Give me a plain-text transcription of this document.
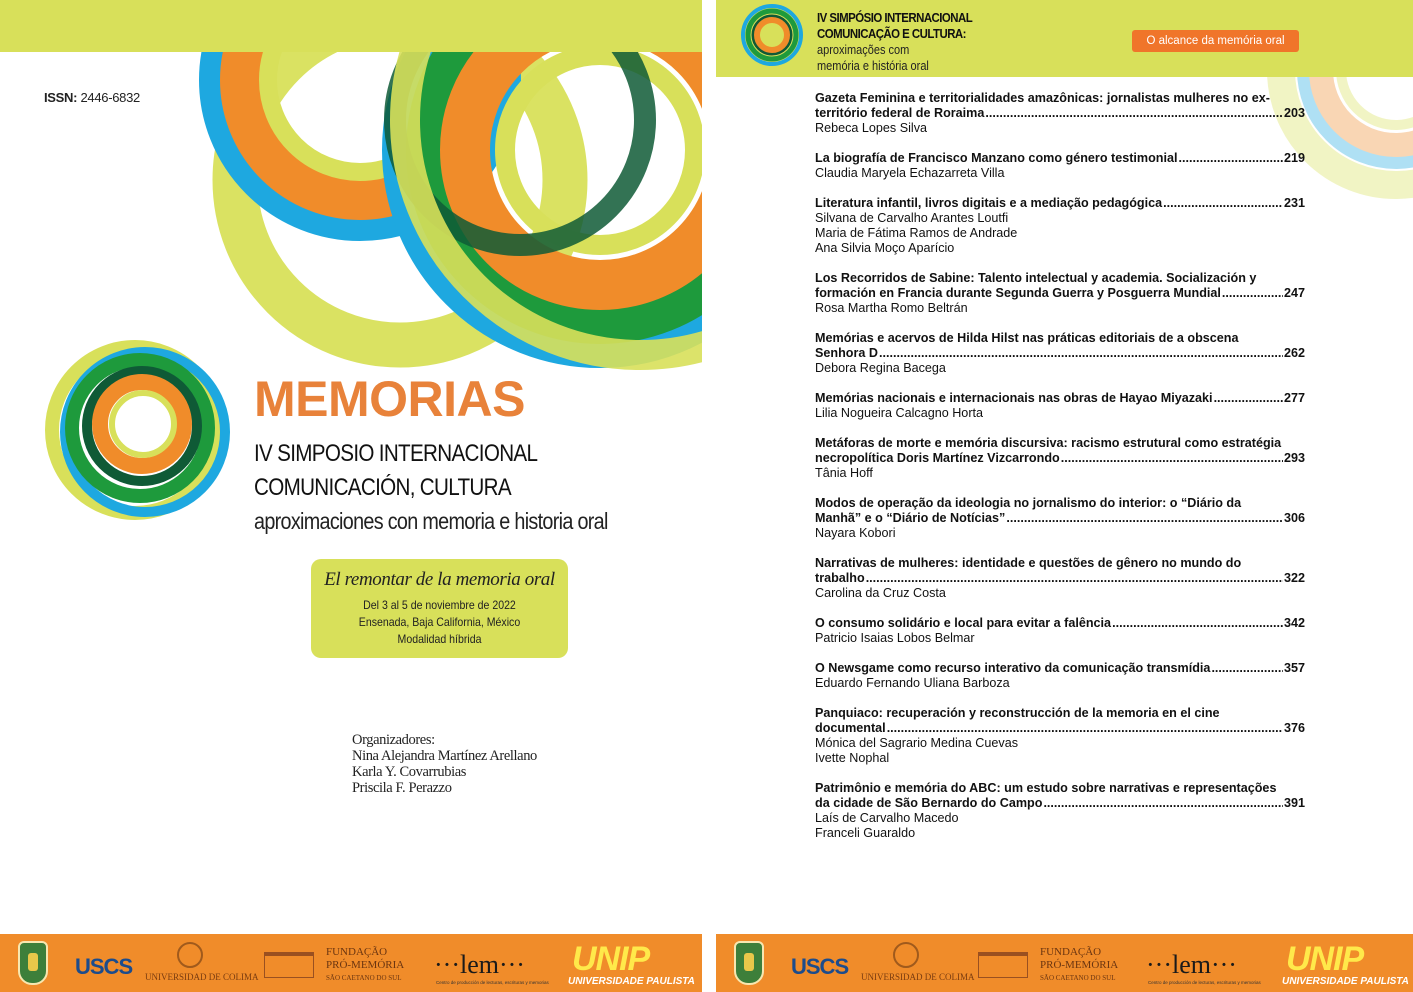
ISSN: 2446-6832
MEMORIAS
IV SIMPOSIO INTERNACIONAL
COMUNICACIÓN, CULTURA
aproximaciones con memoria e historia oral
El remontar de la memoria oral
Del 3 al 5 de noviembre de 2022
Ensenada, Baja California, México
Modalidad híbrida
Organizadores:
Nina Alejandra Martínez Arellano
Karla Y. Covarrubias
Priscila F. Perazzo
USCS UNIVERSIDAD DE COLIMA
FUNDAÇÃO
PRÓ-MEMÓRIA
SÃO CAETANO DO SUL ···lem···
Centro de producción de lecturas, escrituras y memorias
UNIP
UNIVERSIDADE PAULISTA
IV SIMPÓSIO INTERNACIONAL
COMUNICAÇÃO E CULTURA:
aproximações com
memória e história oral
O alcance da memória oral
Gazeta Feminina e territorialidades amazônicas: jornalistas mulheres no ex-
território federal de Roraima .....	203
Rebeca Lopes Silva
La biografía de Francisco Manzano como género testimonial .....	219
Claudia Maryela Echazarreta Villa
Literatura infantil, livros digitais e a mediação pedagógica .....	231
Silvana de Carvalho Arantes Loutfi
Maria de Fátima Ramos de Andrade
Ana Silvia Moço Aparício
Los Recorridos de Sabine: Talento intelectual y academia. Socialización y
formación en Francia durante Segunda Guerra y Posguerra Mundial .....	247
Rosa Martha Romo Beltrán
Memórias e acervos de Hilda Hilst nas práticas editoriais de a obscena
Senhora D .....	262
Debora Regina Bacega
Memórias nacionais e internacionais nas obras de Hayao Miyazaki .....	277
Lilia Nogueira Calcagno Horta
Metáforas de morte e memória discursiva: racismo estrutural como estratégia
necropolítica Doris Martínez Vizcarrondo .....	293
Tânia Hoff
Modos de operação da ideologia no jornalismo do interior: o “Diário da
Manhã” e o “Diário de Notícias” .....	306
Nayara Kobori
Narrativas de mulheres: identidade e questões de gênero no mundo do
trabalho .....	322
Carolina da Cruz Costa
O consumo solidário e local para evitar a falência .....	342
Patricio Isaias Lobos Belmar
O Newsgame como recurso interativo da comunicação transmídia .....	357
Eduardo Fernando Uliana Barboza
Panquiaco: recuperación y reconstrucción de la memoria en el cine
documental .....	376
Mónica del Sagrario Medina Cuevas
Ivette Nophal
Patrimônio e memória do ABC: um estudo sobre narrativas e representações
da cidade de São Bernardo do Campo .....	391
Laís de Carvalho Macedo
Franceli Guaraldo
USCS UNIVERSIDAD DE COLIMA
FUNDAÇÃO
PRÓ-MEMÓRIA
SÃO CAETANO DO SUL ···lem···
Centro de producción de lecturas, escrituras y memorias
UNIP
UNIVERSIDADE PAULISTA
